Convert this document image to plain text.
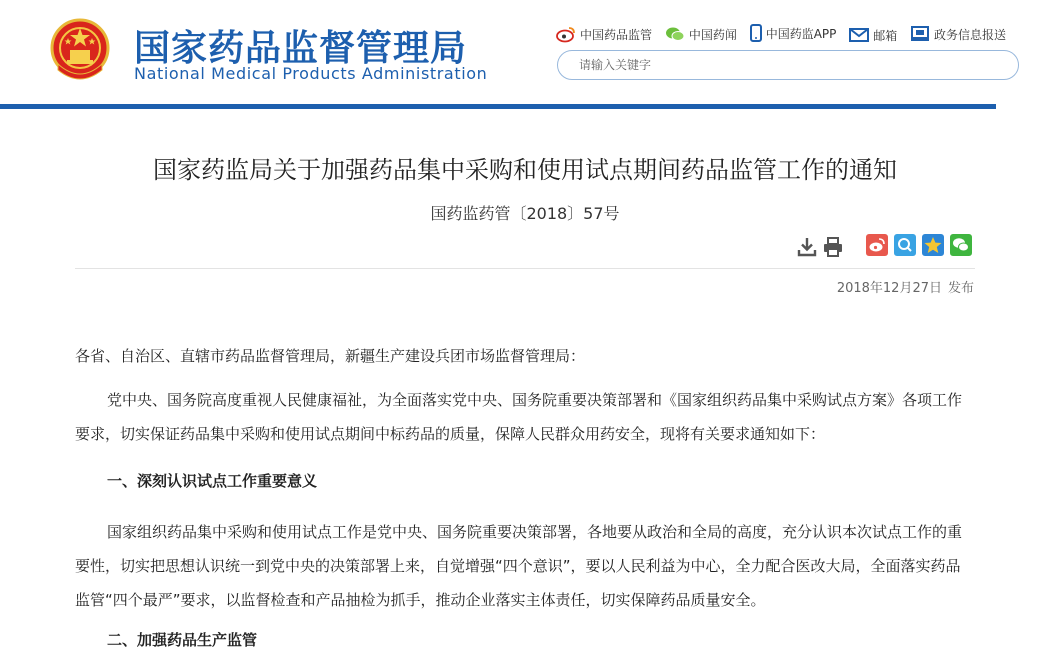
国家药品监督管理局
National Medical Products Administration
中国药品监管
	中国药闻
中国药监APP
	邮箱
	政务信息报送
请输入关键字
国家药监局关于加强药品集中采购和使用试点期间药品监管工作的通知
国药监药管〔2018〕57号
2018年12月27日 发布
各省、自治区、直辖市药品监督管理局，新疆生产建设兵团市场监督管理局：
党中央、国务院高度重视人民健康福祉，为全面落实党中央、国务院重要决策部署和《国家组织药品集中采购试点方案》各项工作要求，切实保证药品集中采购和使用试点期间中标药品的质量，保障人民群众用药安全，现将有关要求通知如下：
一、深刻认识试点工作重要意义
国家组织药品集中采购和使用试点工作是党中央、国务院重要决策部署，各地要从政治和全局的高度，充分认识本次试点工作的重要性，切实把思想认识统一到党中央的决策部署上来，自觉增强“四个意识”，要以人民利益为中心，全力配合医改大局，全面落实药品监管“四个最严”要求，以监督检查和产品抽检为抓手，推动企业落实主体责任，切实保障药品质量安全。
二、加强药品生产监管
